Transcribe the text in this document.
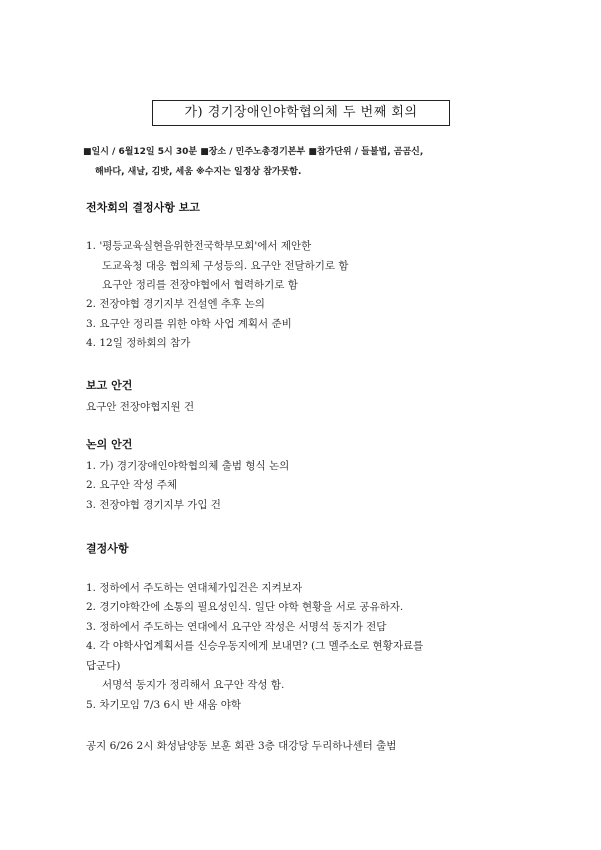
가) 경기장애인야학협의체 두 번째 회의
■일시 / 6월12일 5시 30분 ■장소 / 민주노총경기본부 ■참가단위 / 들불법, 곰곰신,
해바다, 새날, 김밧, 세움 ※수지는 일정상 참가못함.
전차회의 결정사항 보고
1. '평등교육실현을위한전국학부모회'에서 제안한
도교육청 대응 협의체 구성등의. 요구안 전달하기로 함
요구안 정리를 전장야협에서 협력하기로 함
2. 전장야협 경기지부 건설엔 추후 논의
3. 요구안 정리를 위한 야학 사업 계획서 준비
4. 12일 정하회의 참가
보고 안건
요구안 전장야협지원 건
논의 안건
1. 가) 경기장애인야학협의체 출범 형식 논의
2. 요구안 작성 주체
3. 전장야협 경기지부 가입 건
결정사항
1. 정하에서 주도하는 연대체가입건은 지켜보자
2. 경기야학간에 소통의 필요성인식. 일단 야학 현황을 서로 공유하자.
3. 정하에서 주도하는 연대에서 요구안 작성은 서명석 동지가 전담
4. 각 야학사업계획서를 신승우동지에게 보내면? (그 멜주소로 현황자료를
답군다)
서명석 동지가 정리해서 요구안 작성 함.
5. 차기모임 7/3 6시 반 새움 야학
공지 6/26 2시 화성남양동 보훈 회관 3층 대강당 두리하나센터 출범
